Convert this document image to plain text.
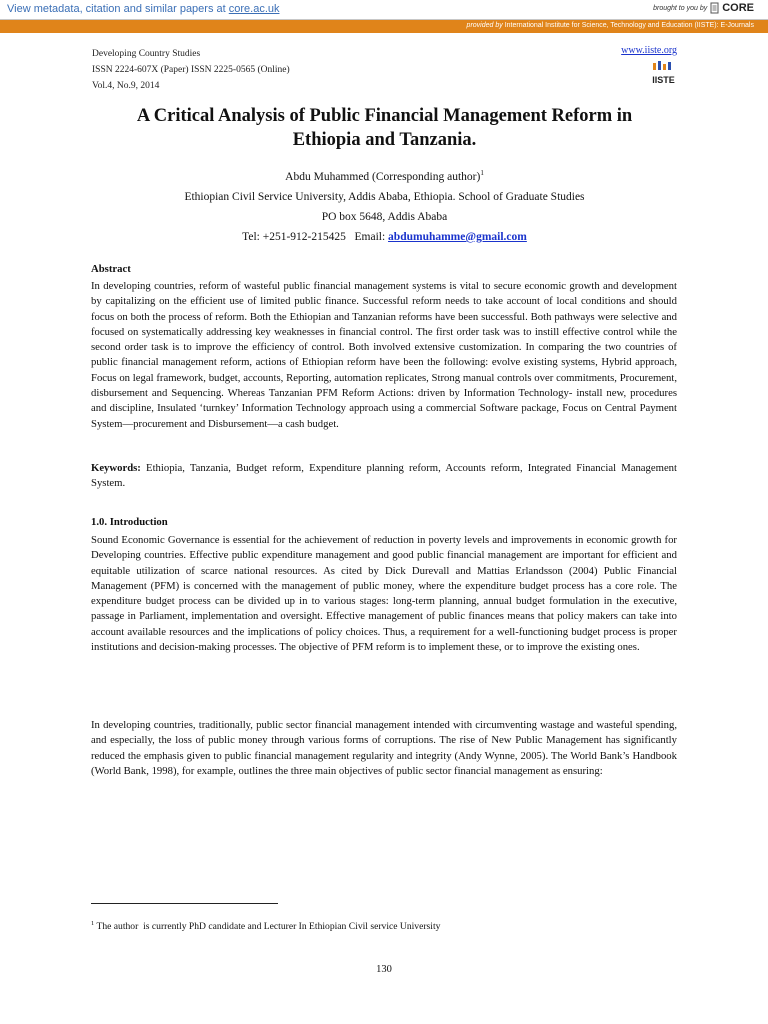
View metadata, citation and similar papers at core.ac.uk	brought to you by CORE
provided by International Institute for Science, Technology and Education (IISTE): E-Journals
Developing Country Studies
ISSN 2224-607X (Paper) ISSN 2225-0565 (Online)
Vol.4, No.9, 2014
www.iiste.org
IISTE
A Critical Analysis of Public Financial Management Reform in
Ethiopia and Tanzania.
Abdu Muhammed (Corresponding author)$^1$
Ethiopian Civil Service University, Addis Ababa, Ethiopia. School of Graduate Studies
PO box 5648, Addis Ababa
Tel: +251-912-215425   Email: abdumuhamme@gmail.com
Abstract
In developing countries, reform of wasteful public financial management systems is vital to secure economic growth and development by capitalizing on the efficient use of limited public finance. Successful reform needs to take account of local conditions and should focus on both the process of reform. Both the Ethiopian and Tanzanian reforms have been successful. Both pathways were selective and focused on systematically addressing key weaknesses in financial control. The first order task was to instill effective control while the second order task is to improve the efficiency of control. Both involved extensive customization. In comparing the two countries of public financial management reform, actions of Ethiopian reform have been the following: evolve existing systems, Hybrid approach, Focus on legal framework, budget, accounts, Reporting, automation replicates, Strong manual controls over commitments, Procurement, disbursement and Sequencing. Whereas Tanzanian PFM Reform Actions: driven by Information Technology- install new, procedures and discipline, Insulated ‘turnkey’ Information Technology approach using a commercial Software package, Focus on Central Payment System—procurement and Disbursement—a cash budget.
Keywords: Ethiopia, Tanzania, Budget reform, Expenditure planning reform, Accounts reform, Integrated Financial Management System.
1.0. Introduction
Sound Economic Governance is essential for the achievement of reduction in poverty levels and improvements in economic growth for Developing countries. Effective public expenditure management and good public financial management are important for efficient and equitable utilization of scarce national resources. As cited by Dick Durevall and Mattias Erlandsson (2004) Public Financial Management (PFM) is concerned with the management of public money, where the expenditure budget process has a core role. The expenditure budget process can be divided up in to various stages: long-term planning, annual budget formulation in the executive, passage in Parliament, implementation and oversight. Effective management of public finances means that policy makers can take into account available resources and the implications of policy choices. Thus, a requirement for a well-functioning budget process is proper institutions and decision-making processes. The objective of PFM reform is to implement these, or to improve the existing ones.
In developing countries, traditionally, public sector financial management intended with circumventing wastage and wasteful spending, and especially, the loss of public money through various forms of corruptions. The rise of New Public Management has significantly reduced the emphasis given to public financial management regularity and integrity (Andy Wynne, 2005). The World Bank’s Handbook (World Bank, 1998), for example, outlines the three main objectives of public sector financial management as ensuring:
$^1$ The author  is currently PhD candidate and Lecturer In Ethiopian Civil service University
130
